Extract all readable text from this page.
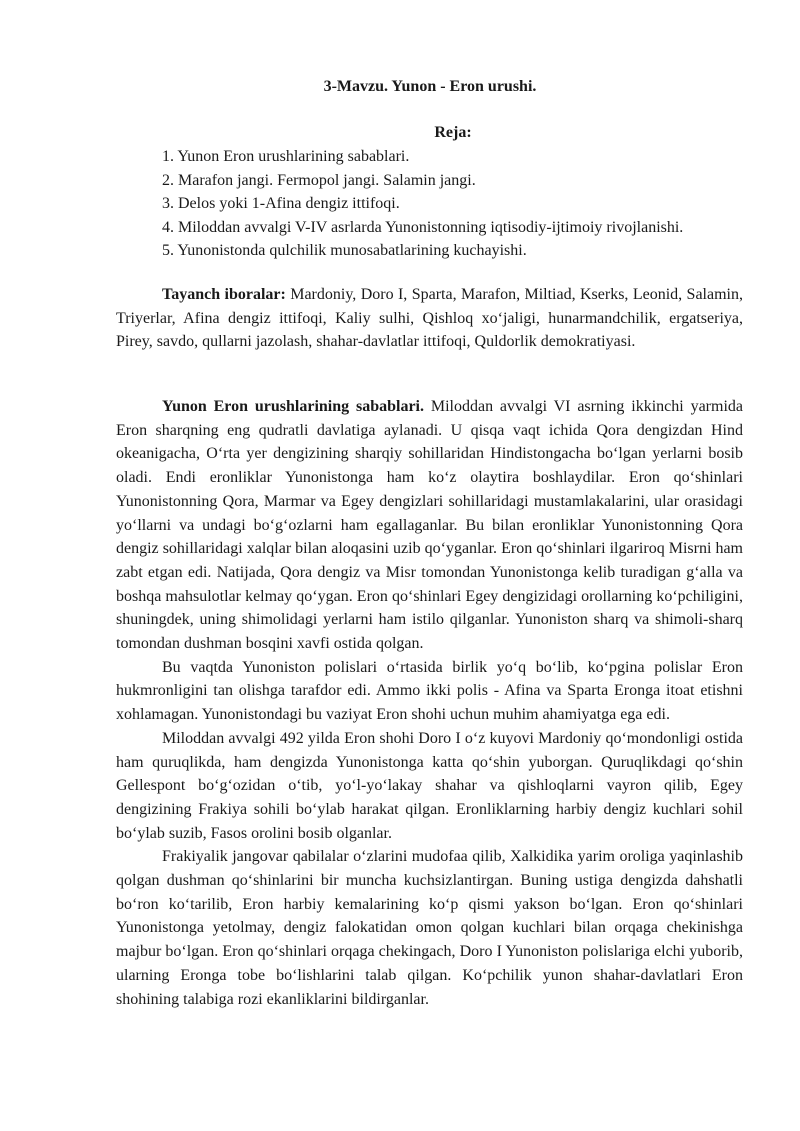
3-Mavzu. Yunon - Eron urushi.
Reja:
1. Yunon Eron urushlarining sabablari.
2. Marafon jangi. Fermopol jangi. Salamin jangi.
3. Delos yoki 1-Afina dengiz ittifoqi.
4. Miloddan avvalgi V-IV asrlarda Yunonistonning iqtisodiy-ijtimoiy rivojlanishi.
5. Yunonistonda qulchilik munosabatlarining kuchayishi.

Tayanch iboralar: Mardoniy, Doro I, Sparta, Marafon, Miltiad, Kserks, Leonid, Salamin, Triyerlar, Afina dengiz ittifoqi, Kaliy sulhi, Qishloq xo‘jaligi, hunarmandchilik, ergatseriya, Pirey, savdo, qullarni jazolash, shahar-davlatlar ittifoqi, Quldorlik demokratiyasi.

Yunon Eron urushlarining sabablari. Miloddan avvalgi VI asrning ikkinchi yarmida Eron sharqning eng qudratli davlatiga aylanadi. U qisqa vaqt ichida Qora dengizdan Hind okeanigacha, O‘rta yer dengizining sharqiy sohillaridan Hindistongacha bo‘lgan yerlarni bosib oladi. Endi eronliklar Yunonistonga ham ko‘z olaytira boshlaydilar. Eron qo‘shinlari Yunonistonning Qora, Marmar va Egey dengizlari sohillaridagi mustamlakalarini, ular orasidagi yo‘llarni va undagi bo‘g‘ozlarni ham egallaganlar. Bu bilan eronliklar Yunonistonning Qora dengiz sohillaridagi xalqlar bilan aloqasini uzib qo‘yganlar. Eron qo‘shinlari ilgariroq Misrni ham zabt etgan edi. Natijada, Qora dengiz va Misr tomondan Yunonistonga kelib turadigan g‘alla va boshqa mahsulotlar kelmay qo‘ygan. Eron qo‘shinlari Egey dengizidagi orollarning ko‘pchiligini, shuningdek, uning shimolidagi yerlarni ham istilo qilganlar. Yunoniston sharq va shimoli-sharq tomondan dushman bosqini xavfi ostida qolgan.

Bu vaqtda Yunoniston polislari o‘rtasida birlik yo‘q bo‘lib, ko‘pgina polislar Eron hukmronligini tan olishga tarafdor edi. Ammo ikki polis - Afina va Sparta Eronga itoat etishni xohlamagan. Yunonistondagi bu vaziyat Eron shohi uchun muhim ahamiyatga ega edi.

Miloddan avvalgi 492 yilda Eron shohi Doro I o‘z kuyovi Mardoniy qo‘mondonligi ostida ham quruqlikda, ham dengizda Yunonistonga katta qo‘shin yuborgan. Quruqlikdagi qo‘shin Gellespont bo‘g‘ozidan o‘tib, yo‘l-yo‘lakay shahar va qishloqlarni vayron qilib, Egey dengizining Frakiya sohili bo‘ylab harakat qilgan. Eronliklarning harbiy dengiz kuchlari sohil bo‘ylab suzib, Fasos orolini bosib olganlar.

Frakiyalik jangovar qabilalar o‘zlarini mudofaa qilib, Xalkidika yarim oroliga yaqinlashib qolgan dushman qo‘shinlarini bir muncha kuchsizlantirgan. Buning ustiga dengizda dahshatli bo‘ron ko‘tarilib, Eron harbiy kemalarining ko‘p qismi yakson bo‘lgan. Eron qo‘shinlari Yunonistonga yetolmay, dengiz falokatidan omon qolgan kuchlari bilan orqaga chekinishga majbur bo‘lgan. Eron qo‘shinlari orqaga chekingach, Doro I Yunoniston polislariga elchi yuborib, ularning Eronga tobe bo‘lishlarini talab qilgan. Ko‘pchilik yunon shahar-davlatlari Eron shohining talabiga rozi ekanliklarini bildirganlar.
